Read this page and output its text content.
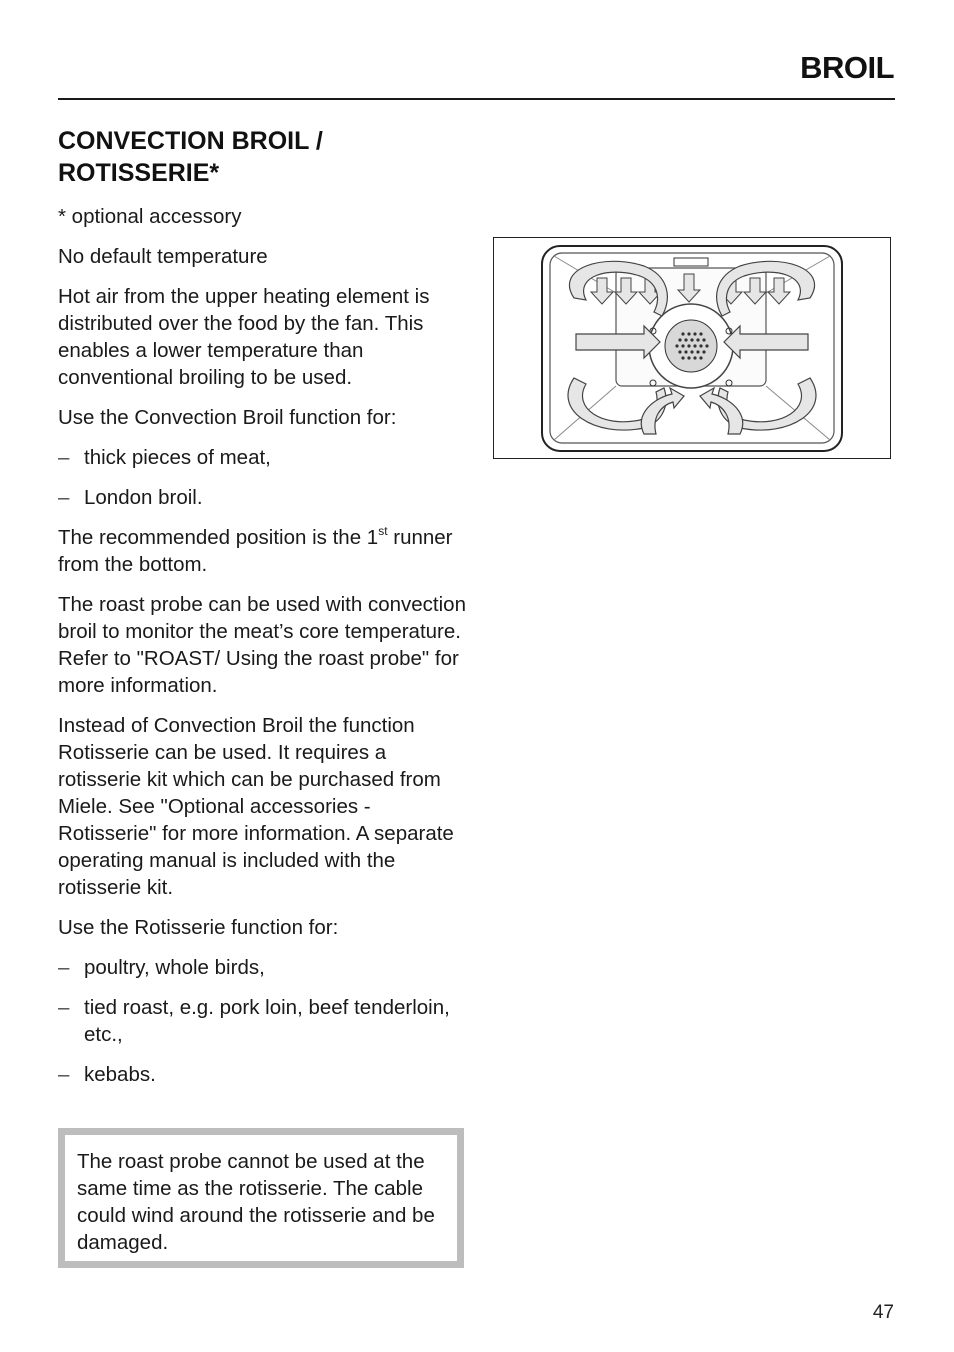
BROIL
CONVECTION BROIL /
ROTISSERIE*

* optional accessory

No default temperature

Hot air from the upper heating element is distributed over the food by the fan. This enables a lower temperature than conventional broiling to be used.

Use the Convection Broil function for:

– thick pieces of meat,
– London broil.

The recommended position is the 1st runner from the bottom.

The roast probe can be used with convection broil to monitor the meat’s core temperature. Refer to "ROAST/ Using the roast probe" for more information.

Instead of Convection Broil the function Rotisserie can be used. It requires a rotisserie kit which can be purchased from Miele. See "Optional accessories - Rotisserie" for more information. A separate operating manual is included with the rotisserie kit.

Use the Rotisserie function for:

– poultry, whole birds,
– tied roast, e.g. pork loin, beef tenderloin, etc.,
– kebabs.
The roast probe cannot be used at the same time as the rotisserie. The cable could wind around the rotisserie and be damaged.
47
